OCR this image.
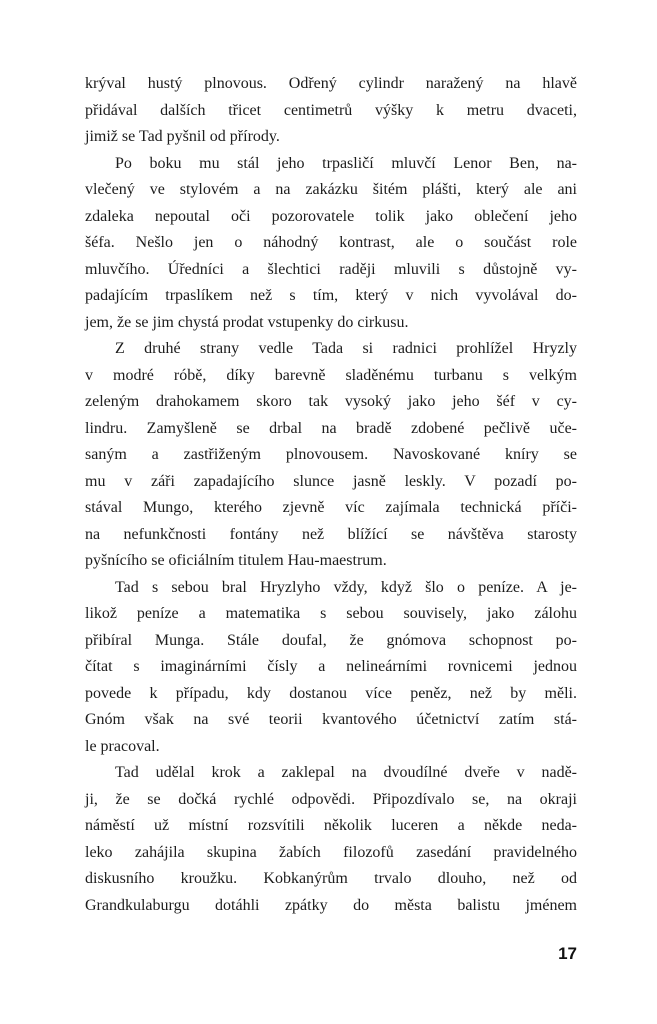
krýval hustý plnovous. Odřený cylindr naražený na hlavě
přidával dalších třicet centimetrů výšky k metru dvaceti,
jimiž se Tad pyšnil od přírody.

Po boku mu stál jeho trpasličí mluvčí Lenor Ben, na-
vlečený ve stylovém a na zakázku šitém plášti, který ale ani
zdaleka nepoutal oči pozorovatele tolik jako oblečení jeho
šéfa. Nešlo jen o náhodný kontrast, ale o součást role
mluvčího. Úředníci a šlechtici raději mluvili s důstojně vy-
padajícím trpaslíkem než s tím, který v nich vyvolával do-
jem, že se jim chystá prodat vstupenky do cirkusu.

Z druhé strany vedle Tada si radnici prohlížel Hryzly
v modré róbě, díky barevně sladěnému turbanu s velkým
zeleným drahokamem skoro tak vysoký jako jeho šéf v cy-
lindru. Zamyšleně se drbal na bradě zdobené pečlivě uče-
saným a zastřiženým plnovousem. Navoskované kníry se
mu v záři zapadajícího slunce jasně leskly. V pozadí po-
stával Mungo, kterého zjevně víc zajímala technická příči-
na nefunkčnosti fontány než blížící se návštěva starosty
pyšnícího se oficiálním titulem Hau-maestrum.

Tad s sebou bral Hryzlyho vždy, když šlo o peníze. A je-
likož peníze a matematika s sebou souvisely, jako zálohu
přibíral Munga. Stále doufal, že gnómova schopnost po-
čítat s imaginárními čísly a nelineárními rovnicemi jednou
povede k případu, kdy dostanou více peněz, než by měli.
Gnóm však na své teorii kvantového účetnictví zatím stá-
le pracoval.

Tad udělal krok a zaklepal na dvoudílné dveře v nadě-
ji, že se dočká rychlé odpovědi. Připozdívalo se, na okraji
náměstí už místní rozsvítili několik luceren a někde neda-
leko zahájila skupina žabích filozofů zasedání pravidelného
diskusního kroužku. Kobkanýrům trvalo dlouho, než od
Grandkulaburgu dotáhli zpátky do města balistu jménem

17
